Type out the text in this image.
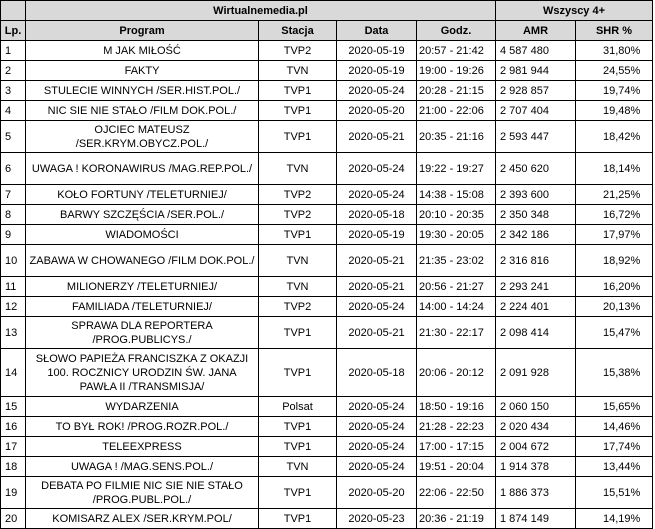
	Wirtualnemedia.pl				Wszyscy 4+	
Lp.	Program	Stacja	Data	Godz.	AMR	SHR %
1	M JAK MIŁOŚĆ	TVP2	2020-05-19	20:57 - 21:42	4 587 480	31,80%
2	FAKTY	TVN	2020-05-19	19:00 - 19:26	2 981 944	24,55%
3	STULECIE WINNYCH /SER.HIST.POL./	TVP1	2020-05-24	20:28 - 21:15	2 928 857	19,74%
4	NIC SIE NIE STAŁO /FILM DOK.POL./	TVP1	2020-05-20	21:00 - 22:06	2 707 404	19,48%
5	OJCIEC MATEUSZ /SER.KRYM.OBYCZ.POL./	TVP1	2020-05-21	20:35 - 21:16	2 593 447	18,42%
6	UWAGA ! KORONAWIRUS /MAG.REP.POL./	TVN	2020-05-24	19:22 - 19:27	2 450 620	18,14%
7	KOŁO FORTUNY /TELETURNIEJ/	TVP2	2020-05-24	14:38 - 15:08	2 393 600	21,25%
8	BARWY SZCZĘŚCIA /SER.POL./	TVP2	2020-05-18	20:10 - 20:35	2 350 348	16,72%
9	WIADOMOŚCI	TVP1	2020-05-19	19:30 - 20:05	2 342 186	17,97%
10	ZABAWA W CHOWANEGO /FILM DOK.POL./	TVN	2020-05-21	21:35 - 23:02	2 316 816	18,92%
11	MILIONERZY /TELETURNIEJ/	TVN	2020-05-21	20:56 - 21:27	2 293 241	16,20%
12	FAMILIADA /TELETURNIEJ/	TVP2	2020-05-24	14:00 - 14:24	2 224 401	20,13%
13	SPRAWA DLA REPORTERA /PROG.PUBLICYS./	TVP1	2020-05-21	21:30 - 22:17	2 098 414	15,47%
14	SŁOWO PAPIEŻA FRANCISZKA Z OKAZJI 100. ROCZNICY URODZIN ŚW. JANA PAWŁA II /TRANSMISJA/	TVP1	2020-05-18	20:06 - 20:12	2 091 928	15,38%
15	WYDARZENIA	Polsat	2020-05-24	18:50 - 19:16	2 060 150	15,65%
16	TO BYŁ ROK! /PROG.ROZR.POL./	TVP1	2020-05-24	21:28 - 22:23	2 020 434	14,46%
17	TELEEXPRESS	TVP1	2020-05-24	17:00 - 17:15	2 004 672	17,74%
18	UWAGA ! /MAG.SENS.POL./	TVN	2020-05-24	19:51 - 20:04	1 914 378	13,44%
19	DEBATA PO FILMIE NIC SIE NIE STAŁO /PROG.PUBL.POL./	TVP1	2020-05-20	22:06 - 22:50	1 886 373	15,51%
20	KOMISARZ ALEX /SER.KRYM.POL/	TVP1	2020-05-23	20:36 - 21:19	1 874 149	14,19%
